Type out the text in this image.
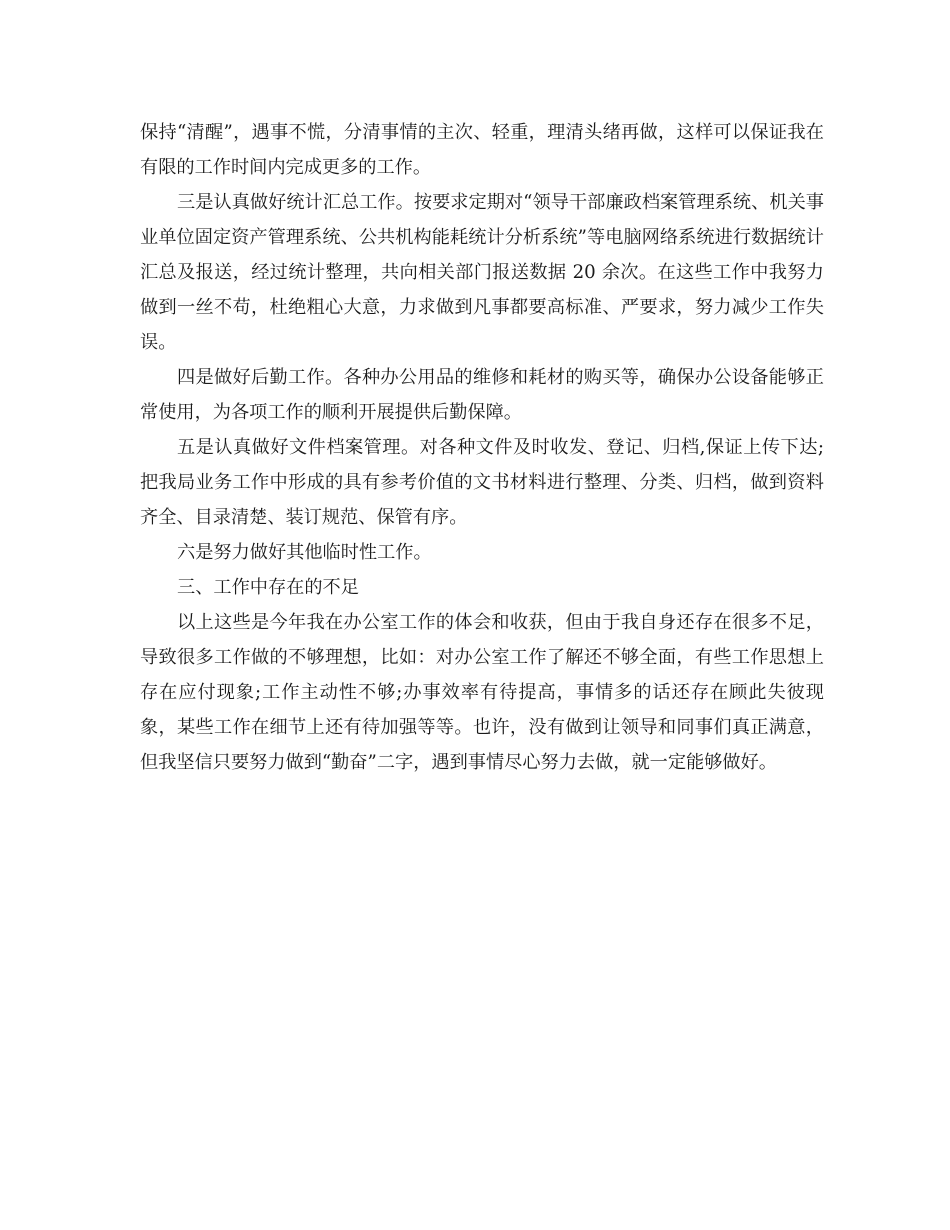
保持“清醒”，遇事不慌，分清事情的主次、轻重，理清头绪再做，这样可以保证我在有限的工作时间内完成更多的工作。

三是认真做好统计汇总工作。按要求定期对“领导干部廉政档案管理系统、机关事业单位固定资产管理系统、公共机构能耗统计分析系统”等电脑网络系统进行数据统计汇总及报送，经过统计整理，共向相关部门报送数据 20 余次。在这些工作中我努力做到一丝不苟，杜绝粗心大意，力求做到凡事都要高标准、严要求，努力减少工作失误。

四是做好后勤工作。各种办公用品的维修和耗材的购买等，确保办公设备能够正常使用，为各项工作的顺利开展提供后勤保障。

五是认真做好文件档案管理。对各种文件及时收发、登记、归档,保证上传下达;把我局业务工作中形成的具有参考价值的文书材料进行整理、分类、归档，做到资料齐全、目录清楚、装订规范、保管有序。

六是努力做好其他临时性工作。

三、工作中存在的不足

以上这些是今年我在办公室工作的体会和收获，但由于我自身还存在很多不足，导致很多工作做的不够理想，比如：对办公室工作了解还不够全面，有些工作思想上存在应付现象;工作主动性不够;办事效率有待提高，事情多的话还存在顾此失彼现象，某些工作在细节上还有待加强等等。也许，没有做到让领导和同事们真正满意，但我坚信只要努力做到“勤奋”二字，遇到事情尽心努力去做，就一定能够做好。
